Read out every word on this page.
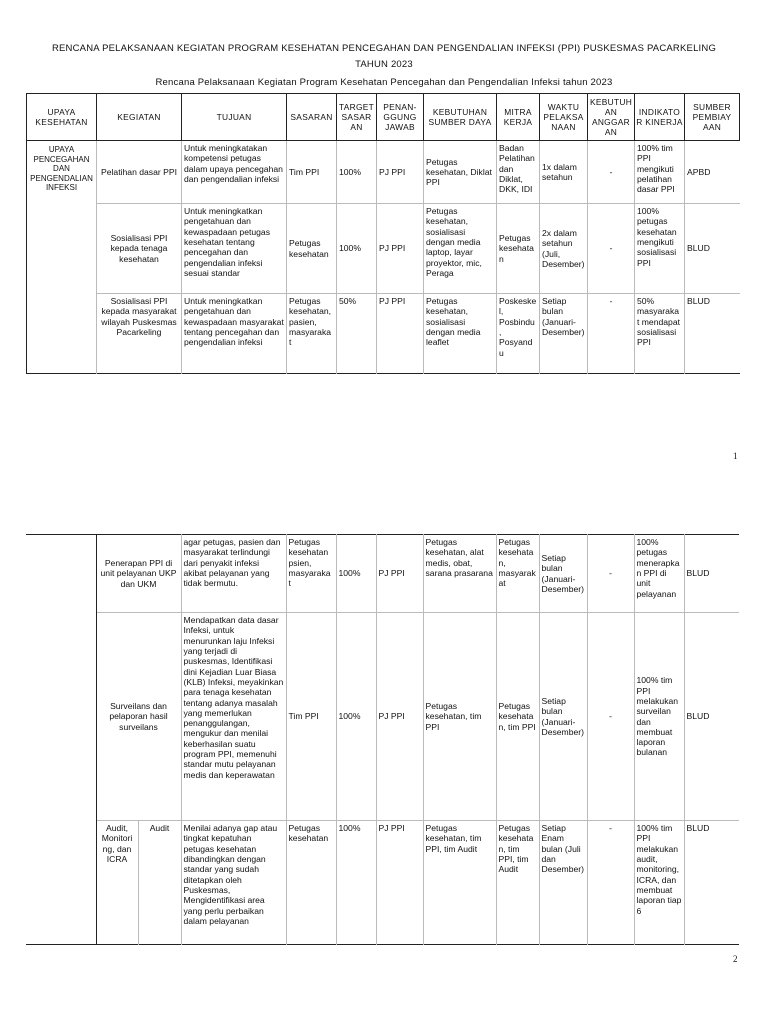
RENCANA PELAKSANAAN KEGIATAN PROGRAM KESEHATAN PENCEGAHAN DAN PENGENDALIAN INFEKSI (PPI) PUSKESMAS PACARKELING
TAHUN 2023
Rencana Pelaksanaan Kegiatan Program Kesehatan Pencegahan dan Pengendalian Infeksi tahun 2023
UPAYA KESEHATAN	KEGIATAN	TUJUAN	SASARAN	TARGET SASAR AN	PENAN- GGUNG JAWAB	KEBUTUHAN SUMBER DAYA	MITRA KERJA	WAKTU PELAKSA NAAN	KEBUTUH AN ANGGAR AN	INDIKATO R KINERJA	SUMBER PEMBIAY AAN

UPAYA PENCEGAHAN DAN PENGENDALIAN INFEKSI	Pelatihan dasar PPI	Untuk meningkatakan kompetensi petugas dalam upaya pencegahan dan pengendalian infeksi	Tim PPI	100%	PJ PPI	Petugas kesehatan, Diklat PPI	Badan Pelatihan dan Diklat, DKK, IDI	1x dalam setahun	-	100% tim PPI mengikuti pelatihan dasar PPI	APBD
	Sosialisasi PPI kepada tenaga kesehatan	Untuk meningkatkan pengetahuan dan kewaspadaan petugas kesehatan tentang pencegahan dan pengendalian infeksi sesuai standar	Petugas kesehatan	100%	PJ PPI	Petugas kesehatan, sosialisasi dengan media laptop, layar proyektor, mic, Peraga	Petugas kesehata n	2x dalam setahun (Juli, Desember)	-	100% petugas kesehatan mengikuti sosialisasi PPI	BLUD
	Sosialisasi PPI kepada masyarakat wilayah Puskesmas Pacarkeling	Untuk meningkatkan pengetahuan dan kewaspadaan masyarakat tentang pencegahan dan pengendalian infeksi	Petugas kesehatan, pasien, masyaraka t	50%	PJ PPI	Petugas kesehatan, sosialisasi dengan media leaflet	Poskeske l, Posbindu, Posyandu	Setiap bulan (Januari-Desember)	-	50% masyaraka t mendapat sosialisasi PPI	BLUD
1
	Penerapan PPI di unit pelayanan UKP dan UKM		agar petugas, pasien dan masyarakat terlindungi dari penyakit infeksi akibat pelayanan yang tidak bermutu.	Petugas kesehatan psien, masyaraka t	100%	PJ PPI	Petugas kesehatan, alat medis, obat, sarana prasarana	Petugas kesehata n, masyarak at	Setiap bulan (Januari-Desember)	-	100% petugas menerapka n PPI di unit pelayanan	BLUD
	Surveilans dan pelaporan hasil surveilans		Mendapatkan data dasar Infeksi, untuk menurunkan laju Infeksi yang terjadi di puskesmas, Identifikasi dini Kejadian Luar Biasa (KLB) Infeksi, meyakinkan para tenaga kesehatan tentang adanya masalah yang memerlukan penanggulangan, mengukur dan menilai keberhasilan suatu program PPI, memenuhi standar mutu pelayanan medis dan keperawatan	Tim PPI	100%	PJ PPI	Petugas kesehatan, tim PPI	Petugas kesehata n, tim PPI	Setiap bulan (Januari-Desember)	-	100% tim PPI melakukan surveilan dan membuat laporan bulanan	BLUD
	Audit, Monitori ng, dan ICRA	Audit	Menilai adanya gap atau tingkat kepatuhan petugas kesehatan dibandingkan dengan standar yang sudah ditetapkan oleh Puskesmas, Mengidentifikasi area yang perlu perbaikan dalam pelayanan	Petugas kesehatan	100%	PJ PPI	Petugas kesehatan, tim PPI, tim Audit	Petugas kesehata n, tim PPI, tim Audit	Setiap Enam bulan (Juli dan Desember)	-	100% tim PPI melakukan audit, monitoring, ICRA, dan membuat laporan tiap 6	BLUD
2
